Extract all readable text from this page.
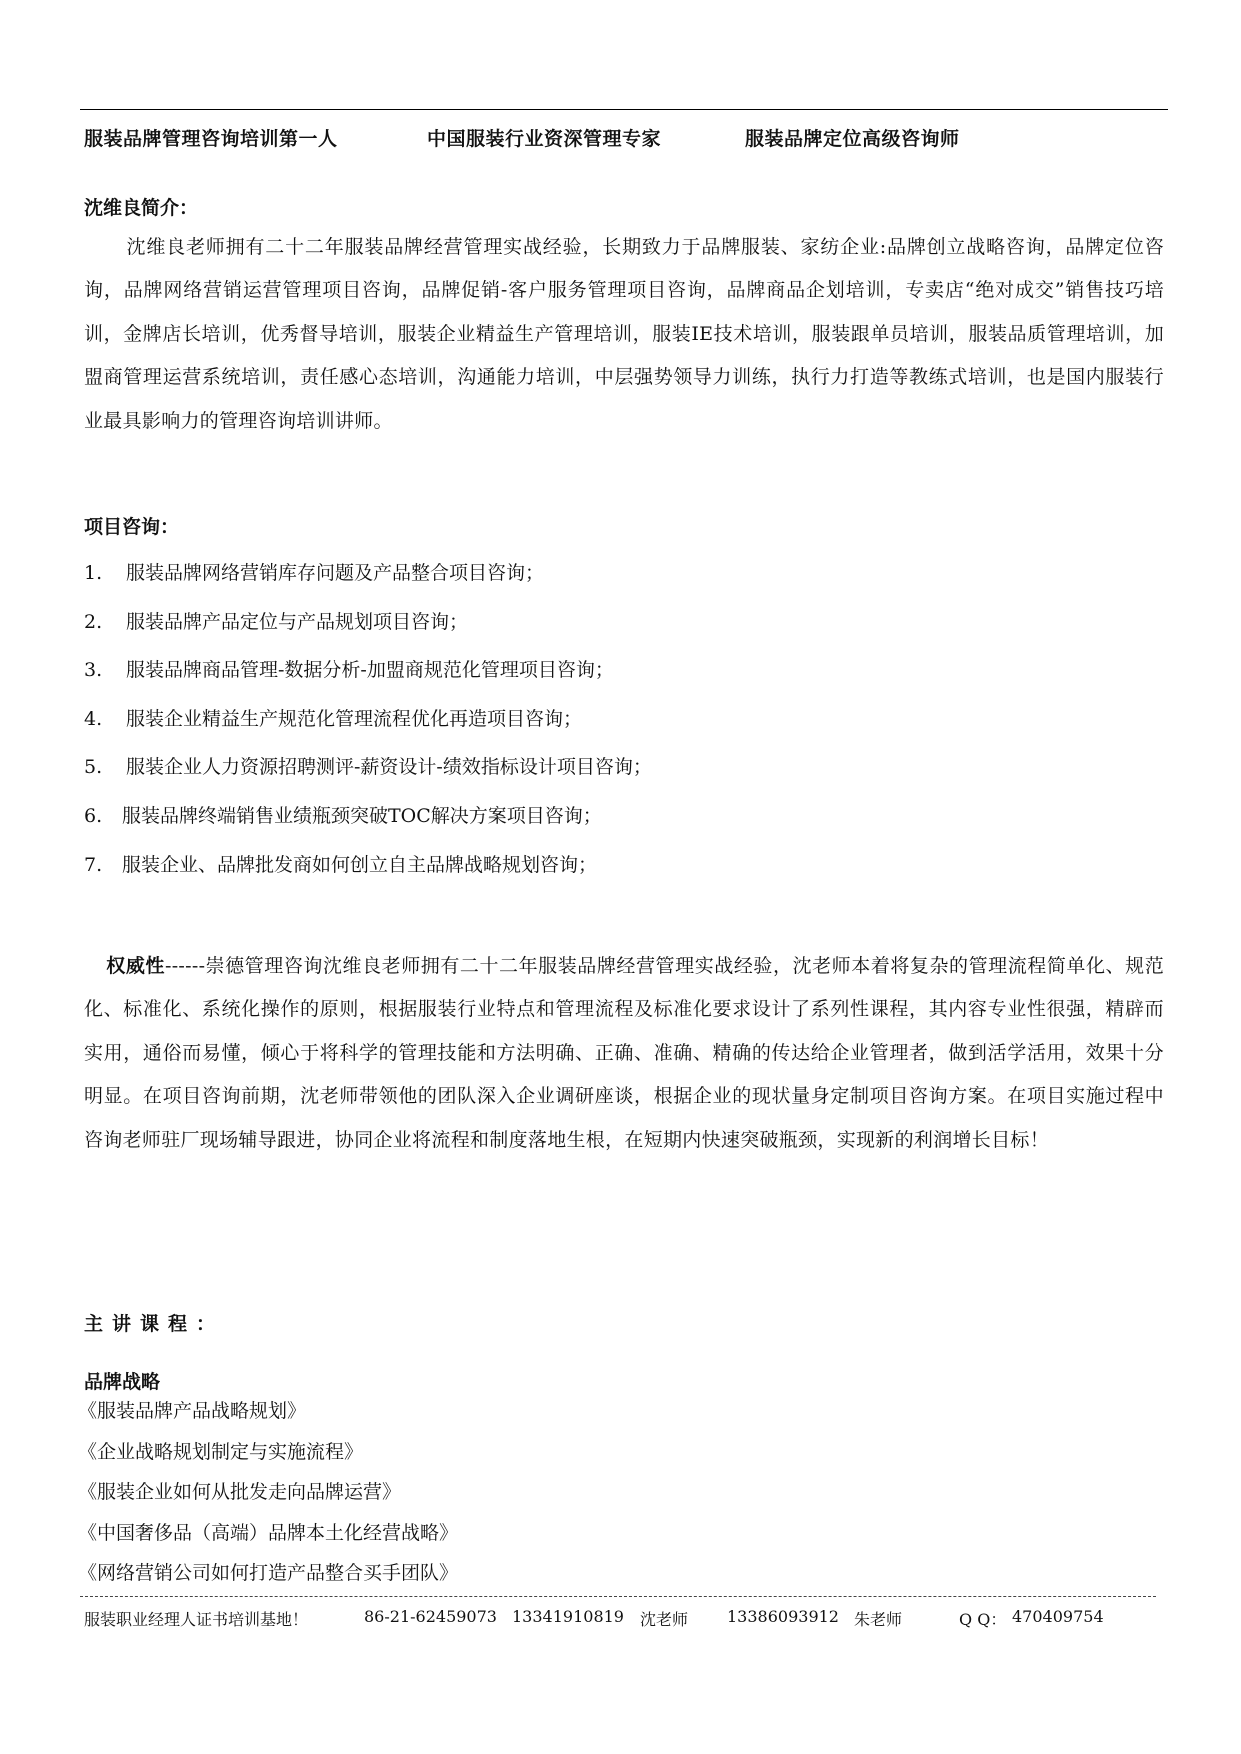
服装品牌管理咨询培训第一人	中国服装行业资深管理专家	服装品牌定位高级咨询师
沈维良简介：
沈维良老师拥有二十二年服装品牌经营管理实战经验，长期致力于品牌服装、家纺企业:品牌创立战略咨询，品牌定位咨询，品牌网络营销运营管理项目咨询，品牌促销-客户服务管理项目咨询，品牌商品企划培训，专卖店“绝对成交”销售技巧培训，金牌店长培训，优秀督导培训，服装企业精益生产管理培训，服装IE技术培训，服装跟单员培训，服装品质管理培训，加盟商管理运营系统培训，责任感心态培训，沟通能力培训，中层强势领导力训练，执行力打造等教练式培训，也是国内服装行业最具影响力的管理咨询培训讲师。
项目咨询：
1. 服装品牌网络营销库存问题及产品整合项目咨询；
2. 服装品牌产品定位与产品规划项目咨询；
3. 服装品牌商品管理-数据分析-加盟商规范化管理项目咨询；
4. 服装企业精益生产规范化管理流程优化再造项目咨询；
5. 服装企业人力资源招聘测评-薪资设计-绩效指标设计项目咨询；
6. 服装品牌终端销售业绩瓶颈突破TOC解决方案项目咨询；
7. 服装企业、品牌批发商如何创立自主品牌战略规划咨询；
权威性------崇德管理咨询沈维良老师拥有二十二年服装品牌经营管理实战经验，沈老师本着将复杂的管理流程简单化、规范化、标准化、系统化操作的原则，根据服装行业特点和管理流程及标准化要求设计了系列性课程，其内容专业性很强，精辟而实用，通俗而易懂，倾心于将科学的管理技能和方法明确、正确、准确、精确的传达给企业管理者，做到活学活用，效果十分明显。在项目咨询前期，沈老师带领他的团队深入企业调研座谈，根据企业的现状量身定制项目咨询方案。在项目实施过程中咨询老师驻厂现场辅导跟进，协同企业将流程和制度落地生根，在短期内快速突破瓶颈，实现新的利润增长目标！
主讲课程：
品牌战略
《服装品牌产品战略规划》
《企业战略规划制定与实施流程》
《服装企业如何从批发走向品牌运营》
《中国奢侈品（高端）品牌本土化经营战略》
《网络营销公司如何打造产品整合买手团队》
服装职业经理人证书培训基地！	86-21-62459073 13341910819 沈老师 13386093912 朱老师	Q Q： 470409754
